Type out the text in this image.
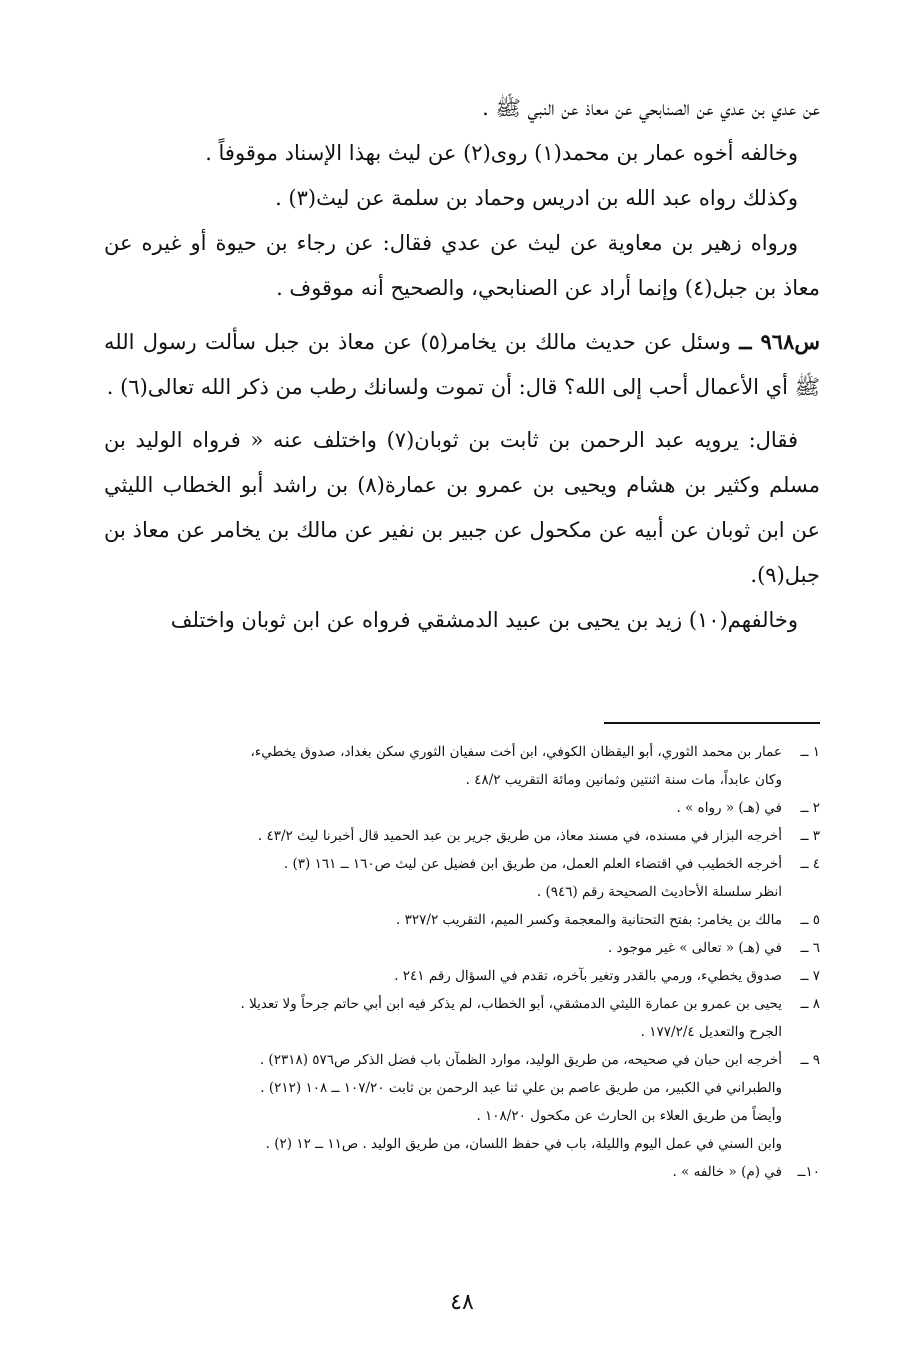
عن عدي بن عدي عن الصنابحي عن معاذ عن النبي ﷺ .

وخالفه أخوه عمار بن محمد(١) روى(٢) عن ليث بهذا الإسناد موقوفاً .

وكذلك رواه عبد الله بن ادريس وحماد بن سلمة عن ليث(٣) .

ورواه زهير بن معاوية عن ليث عن عدي فقال: عن رجاء بن حيوة أو غيره عن معاذ بن جبل(٤) وإنما أراد عن الصنابحي، والصحيح أنه موقوف .

س٩٦٨ ــ وسئل عن حديث مالك بن يخامر(٥) عن معاذ بن جبل سألت رسول الله ﷺ أي الأعمال أحب إلى الله؟ قال: أن تموت ولسانك رطب من ذكر الله تعالى(٦) .

فقال: يرويه عبد الرحمن بن ثابت بن ثوبان(٧) واختلف عنه « فرواه الوليد بن مسلم وكثير بن هشام ويحيى بن عمرو بن عمارة(٨) بن راشد أبو الخطاب الليثي عن ابن ثوبان عن أبيه عن مكحول عن جبير بن نفير عن مالك بن يخامر عن معاذ بن جبل(٩).

وخالفهم(١٠) زيد بن يحيى بن عبيد الدمشقي فرواه عن ابن ثوبان واختلف

١ ــ
عمار بن محمد الثوري، أبو اليقظان الكوفي، ابن أخت سفيان الثوري سكن بغداد، صدوق يخطيء،
وكان عابداً، مات سنة اثنتين وثمانين ومائة التقريب ٤٨/٢ .
٢ ــ
في (هـ) « رواه » .
٣ ــ
أخرجه البزار في مسنده، في مسند معاذ، من طريق جرير بن عبد الحميد قال أخبرنا ليث ٤٣/٢ .
٤ ــ
أخرجه الخطيب في اقتضاء العلم العمل، من طريق ابن فضيل عن ليث ص١٦٠ ــ ١٦١ (٣) .
انظر سلسلة الأحاديث الصحيحة رقم (٩٤٦) .
٥ ــ
مالك بن يخامر: بفتح التحتانية والمعجمة وكسر الميم، التقريب ٣٢٧/٢ .
٦ ــ
في (هـ) « تعالى » غير موجود .
٧ ــ
صدوق يخطيء، ورمي بالقدر وتغير بآخره، تقدم في السؤال رقم ٢٤١ .
٨ ــ
يحيى بن عمرو بن عمارة الليثي الدمشقي، أبو الخطاب، لم يذكر فيه ابن أبي حاتم جرحاً ولا تعديلا .
الجرح والتعديل ١٧٧/٢/٤ .
٩ ــ
أخرجه ابن حبان في صحيحه، من طريق الوليد، موارد الظمآن باب فضل الذكر ص٥٧٦ (٢٣١٨) .
والطبراني في الكبير، من طريق عاصم بن علي ثنا عبد الرحمن بن ثابت ١٠٧/٢٠ ــ ١٠٨ (٢١٢) .
وأيضاً من طريق العلاء بن الحارث عن مكحول ١٠٨/٢٠ .
وابن السني في عمل اليوم والليلة، باب في حفظ اللسان، من طريق الوليد . ص١١ ــ ١٢ (٢) .
١٠ــ
في (م) « خالفه » .
٤٨
